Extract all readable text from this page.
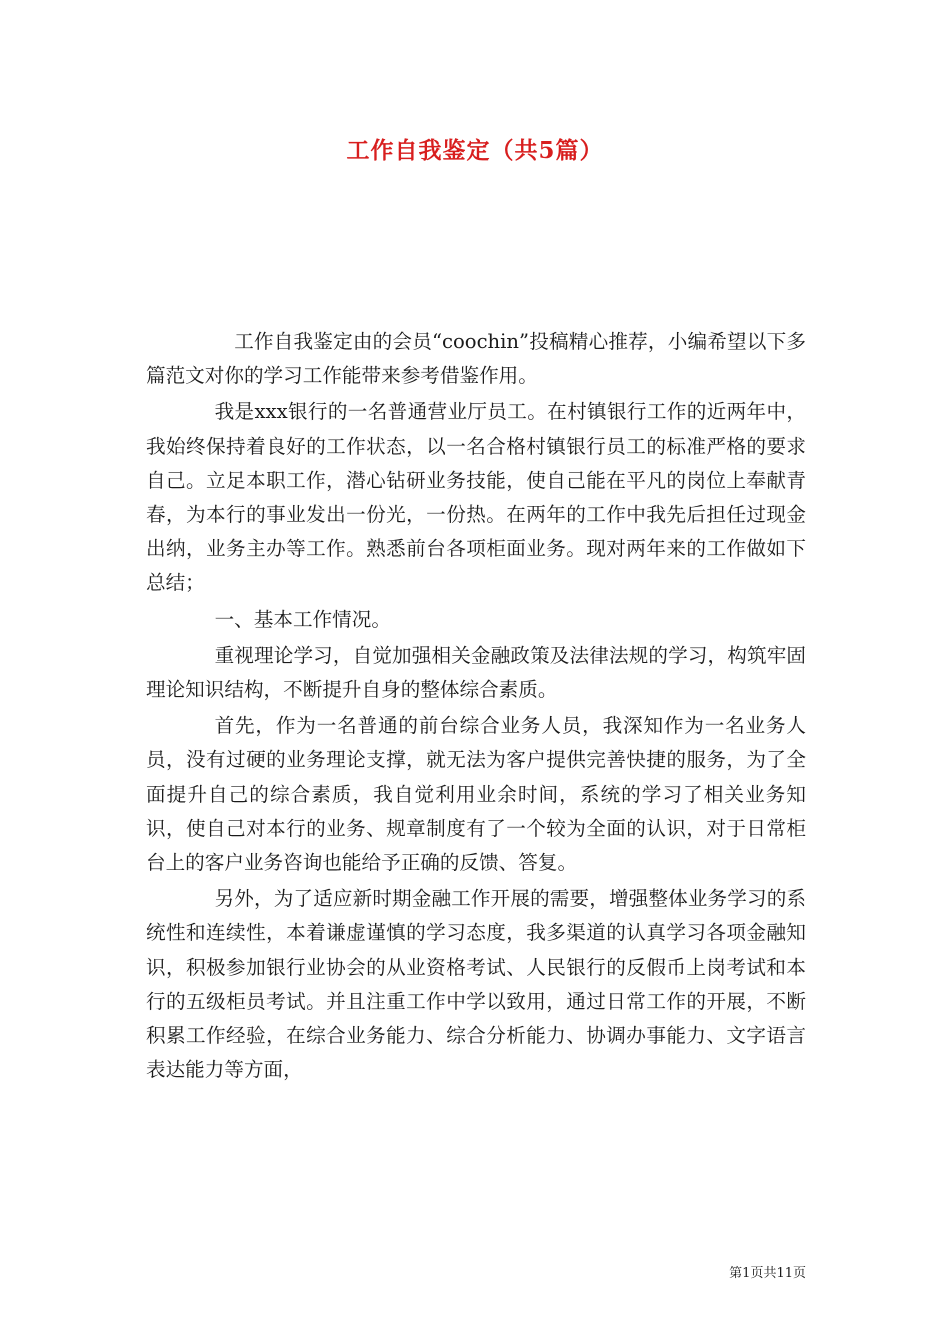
工作自我鉴定（共5篇）

工作自我鉴定由的会员“coochin”投稿精心推荐，小编希望以下多篇范文对你的学习工作能带来参考借鉴作用。

我是xxx银行的一名普通营业厅员工。在村镇银行工作的近两年中，我始终保持着良好的工作状态，以一名合格村镇银行员工的标准严格的要求自己。立足本职工作，潜心钻研业务技能，使自己能在平凡的岗位上奉献青春，为本行的事业发出一份光，一份热。在两年的工作中我先后担任过现金出纳，业务主办等工作。熟悉前台各项柜面业务。现对两年来的工作做如下总结；

一、基本工作情况。

重视理论学习，自觉加强相关金融政策及法律法规的学习，构筑牢固理论知识结构，不断提升自身的整体综合素质。

首先，作为一名普通的前台综合业务人员，我深知作为一名业务人员，没有过硬的业务理论支撑，就无法为客户提供完善快捷的服务，为了全面提升自己的综合素质，我自觉利用业余时间，系统的学习了相关业务知识，使自己对本行的业务、规章制度有了一个较为全面的认识，对于日常柜台上的客户业务咨询也能给予正确的反馈、答复。

另外，为了适应新时期金融工作开展的需要，增强整体业务学习的系统性和连续性，本着谦虚谨慎的学习态度，我多渠道的认真学习各项金融知识，积极参加银行业协会的从业资格考试、人民银行的反假币上岗考试和本行的五级柜员考试。并且注重工作中学以致用，通过日常工作的开展，不断积累工作经验，在综合业务能力、综合分析能力、协调办事能力、文字语言表达能力等方面，

第1页共11页
